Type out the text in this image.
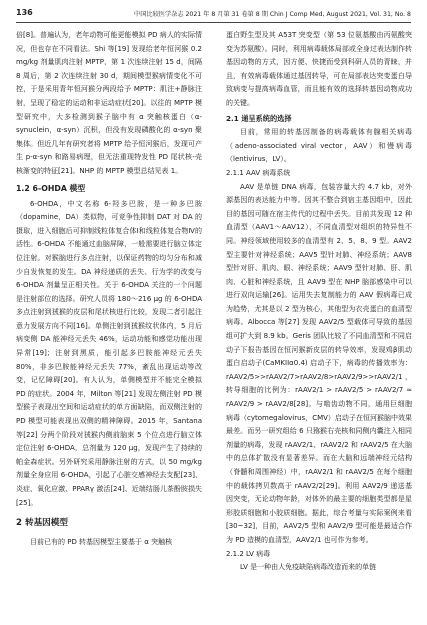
136	中国比较医学杂志 2021 年 8 月第 31 卷第 8 期 Chin J Comp Med, August 2021, Vol. 31, No. 8

倍[8]。普遍认为，老年动物可能更能模拟 PD 病人的实际情况，但也存在不同看法。Shi 等[19] 发现给老年恒河猴 0.2 mg/kg 剂量肌肉注射 MPTP，第 1 次连续注射 15 d，间隔 8 周后，第 2 次连续注射 30 d，期间模型猴病情变化不可控，于是采用青年恒河猴分两段给予 MPTP：肌注+静脉注射，呈现了稳定的运动和非运动症状[20]。以往的 MPTP 模型研究中，大多检测到猴子脑中有 α 突触核蛋白（α-synuclein，α-syn）沉积，但没有发现磷酸化的 α-syn 聚集体。但近几年有研究者将 MPTP 给予恒河猴后，发现可产生 p-α-syn 和路易病理，但无法重现特发性 PD 尾状核-壳核渐变的特征[21]。NHP 的 MPTP 模型总结见表 1。

1.2 6-OHDA 模型

6-OHDA，中文名称 6-羟多巴胺，是一种多巴胺（dopamine，DA）类似物，可竞争性抑制 DAT 对 DA 的摄取，进入细胞后可抑制线粒体复合体Ⅰ和线粒体复合物Ⅳ的活性。6-OHDA 不能通过血脑屏障，一般需要进行脑立体定位注射。对猴脑进行多点注射，以保证药物的均匀分布和减少自发恢复的发生。DA 神经递质的丢失、行为学的改变与 6-OHDA 剂量呈正相关性。关于 6-OHDA 关注的一个问题是注射部位的选择。研究人员将 180～216 μg 的 6-OHDA 多点注射到狨猴的皮层和尾状核进行比较，发现二者引起注意力发展方向不同[16]。单侧注射到狨猴纹状体内，5 月后病变侧 DA 能神经元丢失 46%，运动功能和感觉功能出现异常[19]；注射到黑质，能引起多巴胺能神经元丢失 80%，非多巴胺能神经元丢失 77%，紊乱出现运动等改变，记忆障碍[20]。有人认为，单侧模型并不能完全模拟 PD 的症状。2004 年，Milton 等[21] 发现左侧注射 PD 模型猴子表现出空间和运动症状的单方面缺陷，而双侧注射的 PD 模型可能表现出双侧的精神障碍。2015 年，Santana 等[22] 分两个阶段对狨猴内侧前脑束 5 个位点进行脑立体定位注射 6-OHDA，总剂量为 120 μg，发现产生了持续的帕金森症状。另外研究采用静脉注射的方式，以 50 mg/kg 剂量全身应用 6-OHDA，引起了心脏交感神经去支配[23]、炎症、氧化应激、PPARγ 激活[24]、近端结肠儿茶酚胺损失[25]。

2 转基因模型

目前已有的 PD 转基因模型主要基于 α 突触核

蛋白野生型及其 A53T 突变型（第 53 位氨基酸由丙氨酸突变为苏氨酸）。同时，利用病毒载体局部或全身过表达制作转基因动物的方式，因方便、快捷而受到科研人员的青睐，并且，有效病毒载体通过基因转导，可在局部表达突变蛋白导致病变与提高病毒血管，而且能有效的选择转基因动物成功的关键。

2.1 递呈系统的选择

目前，常用的转基因制备的病毒载体有腺相关病毒（adeno-associated viral vector，AAV）和慢病毒（lentivirus，LV）。

2.1.1 AAV 病毒系统

AAV 是单链 DNA 病毒，包装容量大约 4.7 kb，对外源基因的表达能力中等。因其不整合到宿主基因组中，因此目的基因可随在宿主传代的过程中丢失。目前共发现 12 种血清型（AAV1～AAV12），不同血清型对组织的特异性不同。神经领域使用较多的血清型有 2、5、8、9 型。AAV2 型主要针对神经系统；AAV5 型针对肺、神经系统；AAV8 型针对肝、肌肉、眼、神经系统；AAV9 型针对肺、肝、肌肉、心脏和神经系统，且 AAV9 型在 NHP 脑部感染中可以进行双向运输[26]。运用失去复制能力的 AAV 假病毒已成为趋势，尤其是以 2 型为核心，其他型为衣壳蛋白的血清型病毒。Albocca 等[27] 发现 AAV2/5 型载体可导致的基因组可扩大到 8.9 kb。Geris 团队比较了不同血清型和不同启动子下报告基因在恒河猴新皮层的转导效率，发现鸡β肌动蛋白启动子(CaMKIIα0.4) 启动子下，病毒的传播效率为：rAAV2/5>>rAAV2/7>rAAV2/8>rAAV2/9>>rAAV2/1，转导细胞的比例为：rAAV2/1 > rAAV2/5 > rAAV2/7 ≈ rAAV2/9 > rAAV2/8[28]。与啮齿动物不同，通用巨细胞病毒（cytomegalovirus，CMV）启动子在恒河猴脑中效果最差。而另一研究组给 6 只猕猴右壳核和同侧内囊注入相同剂量的病毒，发现 rAAV2/1、rAAV2/2 和 rAAV2/5 在大脑中的总体扩散没有显著差异。而在大脑和远端神经元结构（脊髓和周围神经）中，rAAV2/1 和 rAAV2/5 在每个细胞中的载体拷贝数高于 rAAV2/2[29]。利用 AAV2/9 递送基因突变，无论动物年龄，对体外的最主要的细胞类型都是星形胶质细胞和小胶质细胞。据此，综合考量与实际案例来看[30~32]，目前，AAV2/5 型和 AAV2/9 型可能是最适合作为 PD 造模的血清型，AAV2/1 也可作为参考。

2.1.2 LV 病毒

LV 是一种由人免疫缺陷病毒改造而来的单链
